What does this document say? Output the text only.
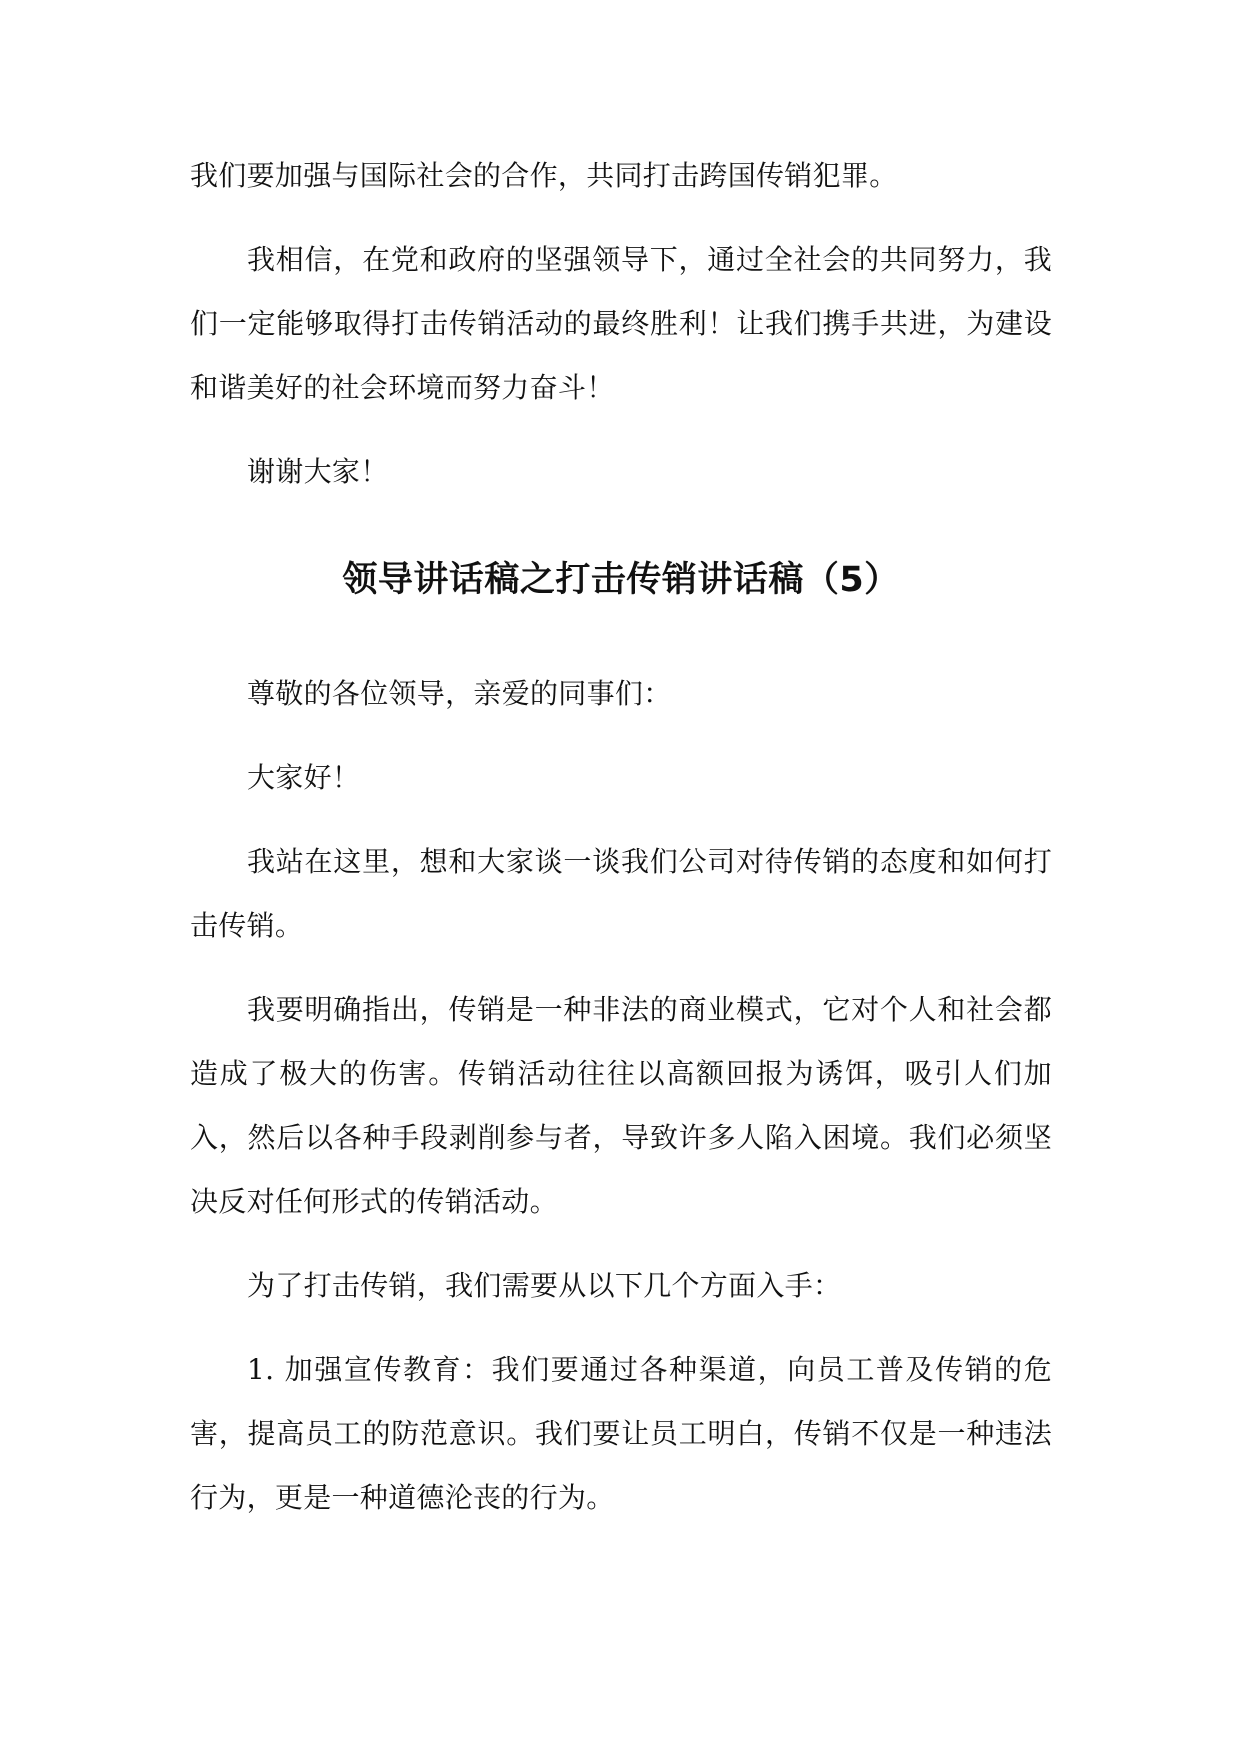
我们要加强与国际社会的合作，共同打击跨国传销犯罪。

我相信，在党和政府的坚强领导下，通过全社会的共同努力，我们一定能够取得打击传销活动的最终胜利！让我们携手共进，为建设和谐美好的社会环境而努力奋斗！

谢谢大家！

领导讲话稿之打击传销讲话稿（5）

尊敬的各位领导，亲爱的同事们：

大家好！

我站在这里，想和大家谈一谈我们公司对待传销的态度和如何打击传销。

我要明确指出，传销是一种非法的商业模式，它对个人和社会都造成了极大的伤害。传销活动往往以高额回报为诱饵，吸引人们加入，然后以各种手段剥削参与者，导致许多人陷入困境。我们必须坚决反对任何形式的传销活动。

为了打击传销，我们需要从以下几个方面入手：

1. 加强宣传教育：我们要通过各种渠道，向员工普及传销的危害，提高员工的防范意识。我们要让员工明白，传销不仅是一种违法行为，更是一种道德沦丧的行为。
